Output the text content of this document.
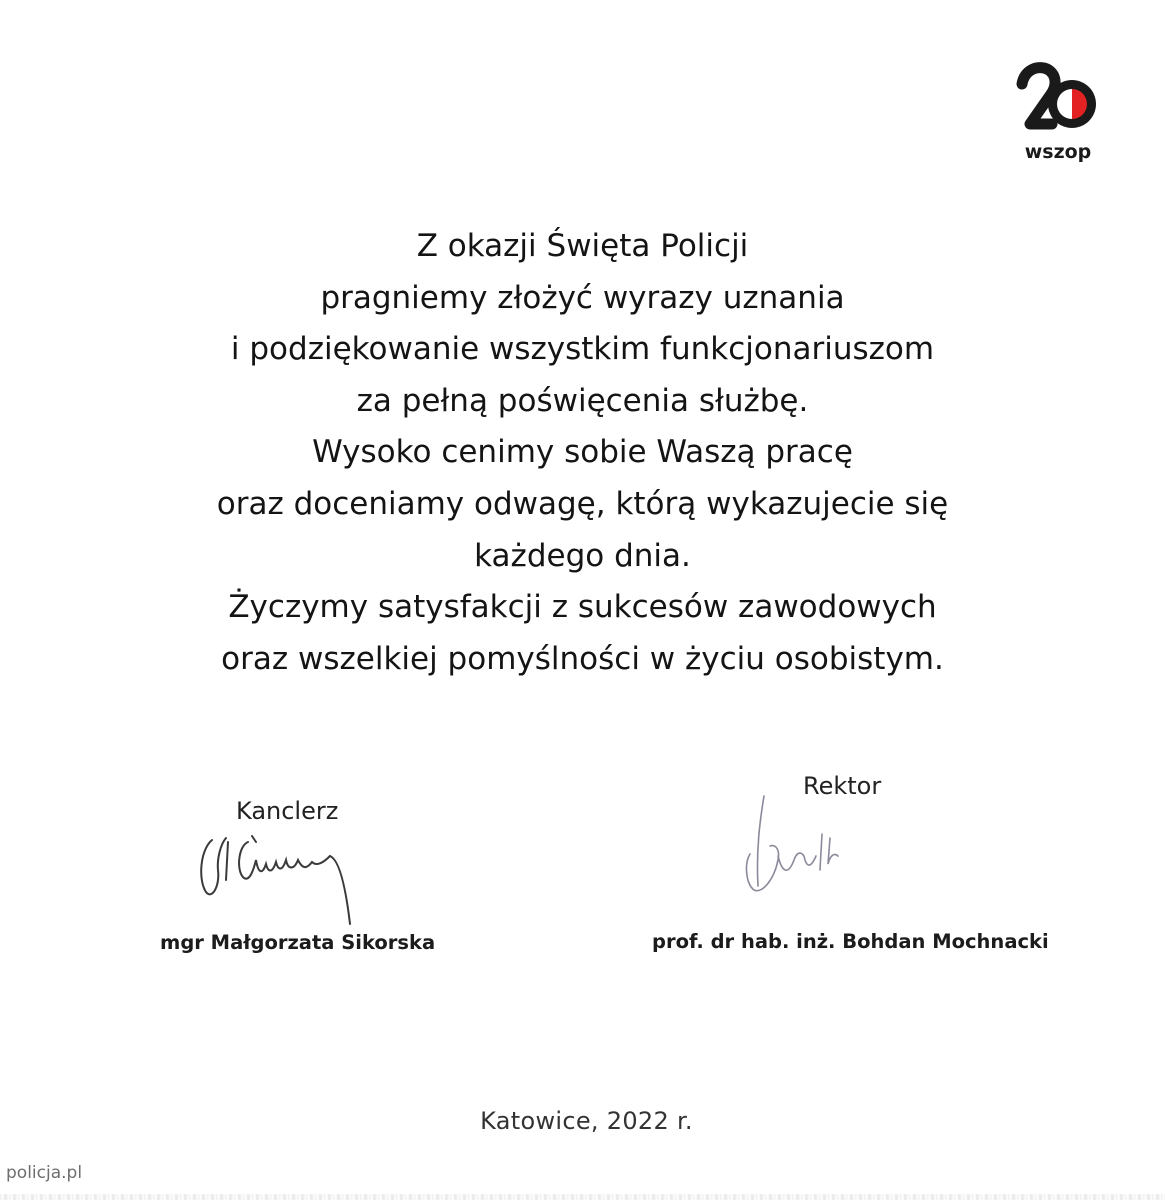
wszop
Z okazji Święta Policji
pragniemy złożyć wyrazy uznania
i podziękowanie wszystkim funkcjonariuszom
za pełną poświęcenia służbę.
Wysoko cenimy sobie Waszą pracę
oraz doceniamy odwagę, którą wykazujecie się
każdego dnia.
Życzymy satysfakcji z sukcesów zawodowych
oraz wszelkiej pomyślności w życiu osobistym.
Kanclerz
mgr Małgorzata Sikorska
Rektor
prof. dr hab. inż. Bohdan Mochnacki
Katowice, 2022 r.
policja.pl
